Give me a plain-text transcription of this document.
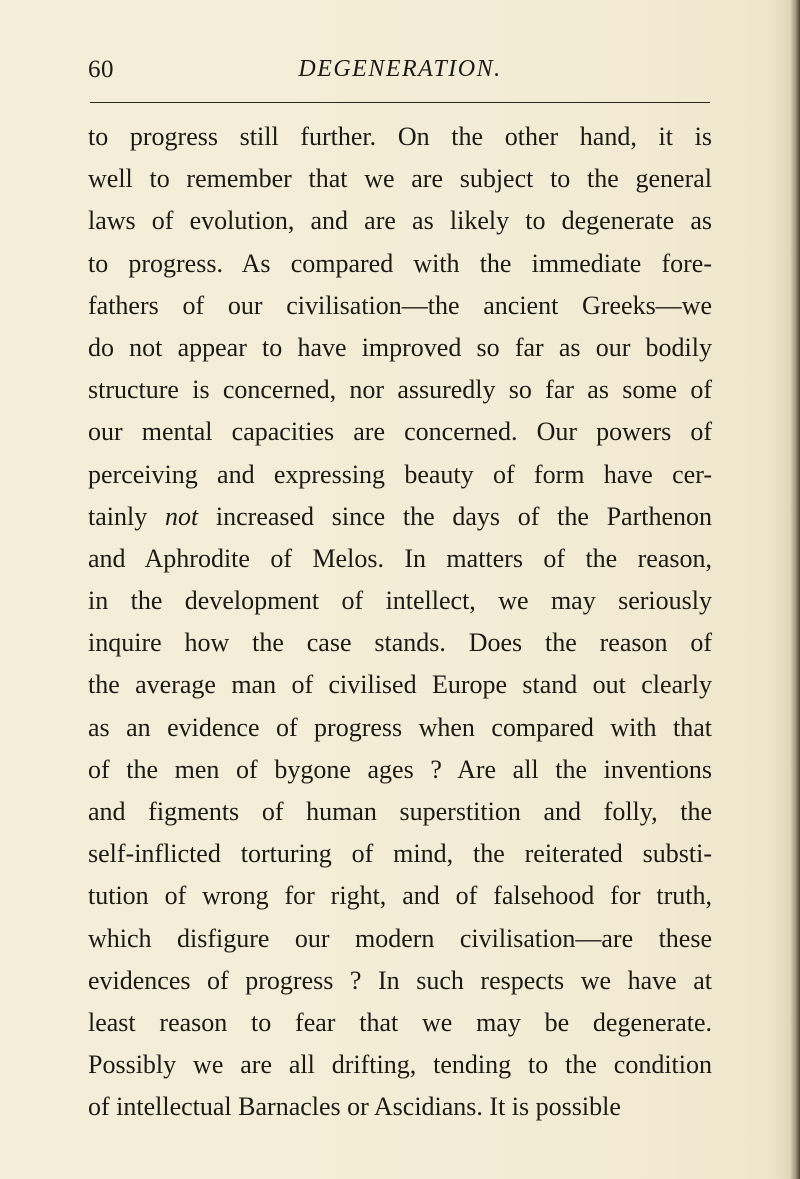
60	DEGENERATION.
to progress still further. On the other hand, it is
well to remember that we are subject to the general
laws of evolution, and are as likely to degenerate as
to progress. As compared with the immediate fore-
fathers of our civilisation—the ancient Greeks—we
do not appear to have improved so far as our bodily
structure is concerned, nor assuredly so far as some of
our mental capacities are concerned. Our powers of
perceiving and expressing beauty of form have cer-
tainly not increased since the days of the Parthenon
and Aphrodite of Melos. In matters of the reason,
in the development of intellect, we may seriously
inquire how the case stands. Does the reason of
the average man of civilised Europe stand out clearly
as an evidence of progress when compared with that
of the men of bygone ages ? Are all the inventions
and figments of human superstition and folly, the
self-inflicted torturing of mind, the reiterated substi-
tution of wrong for right, and of falsehood for truth,
which disfigure our modern civilisation—are these
evidences of progress ? In such respects we have at
least reason to fear that we may be degenerate.
Possibly we are all drifting, tending to the condition
of intellectual Barnacles or Ascidians. It is possible
